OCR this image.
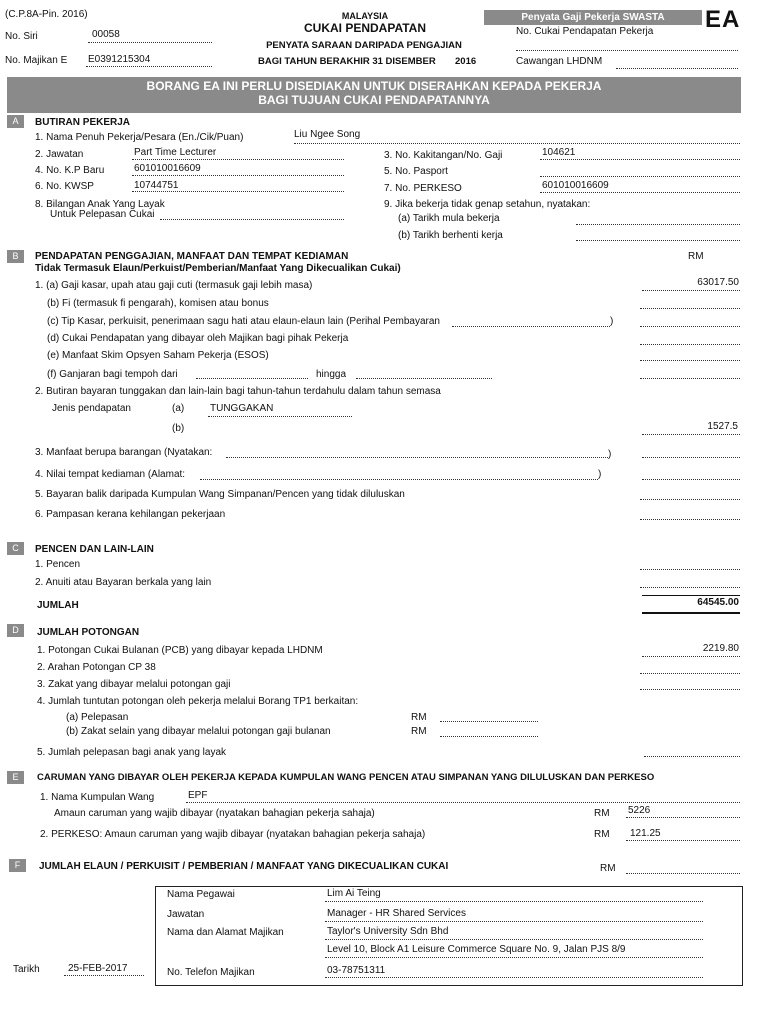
(C.P.8A-Pin. 2016)	MALAYSIA
CUKAI PENDAPATAN
PENYATA SARAAN DARIPADA PENGAJIAN
BAGI TAHUN BERAKHIR 31 DISEMBER 2016
Penyata Gaji Pekerja SWASTA	EA
No. Siri	00058
No. Majikan E E0391215304
No. Cukai Pendapatan Pekerja
Cawangan LHDNM
BORANG EA INI PERLU DISEDIAKAN UNTUK DISERAHKAN KEPADA PEKERJA
BAGI TUJUAN CUKAI PENDAPATANNYA
A	BUTIRAN PEKERJA
1. Nama Penuh Pekerja/Pesara (En./Cik/Puan)	Liu Ngee Song
2. Jawatan	Part Time Lecturer
4. No. K.P Baru	601010016609
6. No. KWSP	10744751
8. Bilangan Anak Yang Layak
Untuk Pelepasan Cukai
3. No. Kakitangan/No. Gaji	104621
5. No. Pasport
7. No. PERKESO	601010016609
9. Jika bekerja tidak genap setahun, nyatakan:
(a) Tarikh mula bekerja
(b) Tarikh berhenti kerja
B	PENDAPATAN PENGGAJIAN, MANFAAT DAN TEMPAT KEDIAMAN
Tidak Termasuk Elaun/Perkuist/Pemberian/Manfaat Yang Dikecualikan Cukai)
RM
1. (a) Gaji kasar, upah atau gaji cuti (termasuk gaji lebih masa)	63017.50
(b) Fi (termasuk fi pengarah), komisen atau bonus
(c) Tip Kasar, perkuisit, penerimaan sagu hati atau elaun-elaun lain (Perihal Pembayaran	)
(d) Cukai Pendapatan yang dibayar oleh Majikan bagi pihak Pekerja
(e) Manfaat Skim Opsyen Saham Pekerja (ESOS)
(f) Ganjaran bagi tempoh dari	hingga
2. Butiran bayaran tunggakan dan lain-lain bagi tahun-tahun terdahulu dalam tahun semasa
Jenis pendapatan	(a)	TUNGGAKAN
(b)	1527.5
3. Manfaat berupa barangan (Nyatakan:	)
4. Nilai tempat kediaman (Alamat:	)
5. Bayaran balik daripada Kumpulan Wang Simpanan/Pencen yang tidak diluluskan
6. Pampasan kerana kehilangan pekerjaan
C	PENCEN DAN LAIN-LAIN
1. Pencen
2. Anuiti atau Bayaran berkala yang lain
JUMLAH	64545.00
D	JUMLAH POTONGAN
1. Potongan Cukai Bulanan (PCB) yang dibayar kepada LHDNM	2219.80
2. Arahan Potongan CP 38
3. Zakat yang dibayar melalui potongan gaji
4. Jumlah tuntutan potongan oleh pekerja melalui Borang TP1 berkaitan:
(a) Pelepasan	RM
(b) Zakat selain yang dibayar melalui potongan gaji bulanan	RM
5. Jumlah pelepasan bagi anak yang layak
E	CARUMAN YANG DIBAYAR OLEH PEKERJA KEPADA KUMPULAN WANG PENCEN ATAU SIMPANAN YANG DILULUSKAN DAN PERKESO
1. Nama Kumpulan Wang	EPF
Amaun caruman yang wajib dibayar (nyatakan bahagian pekerja sahaja)	RM 5226
2. PERKESO: Amaun caruman yang wajib dibayar (nyatakan bahagian pekerja sahaja)	RM 121.25
F	JUMLAH ELAUN / PERKUISIT / PEMBERIAN / MANFAAT YANG DIKECUALIKAN CUKAI	RM
Nama Pegawai	Lim Ai Teing
Jawatan	Manager - HR Shared Services
Nama dan Alamat Majikan	Taylor's University Sdn Bhd
Level 10, Block A1 Leisure Commerce Square No. 9, Jalan PJS 8/9
No. Telefon Majikan	03-78751311
Tarikh	25-FEB-2017
